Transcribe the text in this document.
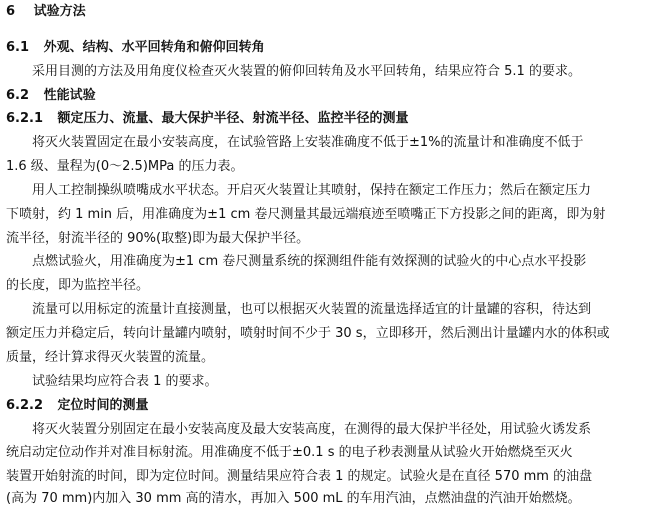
6 试验方法
6.1 外观、结构、水平回转角和俯仰回转角
采用目测的方法及用角度仪检查灭火装置的俯仰回转角及水平回转角，结果应符合 5.1 的要求。
6.2 性能试验
6.2.1 额定压力、流量、最大保护半径、射流半径、监控半径的测量
将灭火装置固定在最小安装高度，在试验管路上安装准确度不低于±1%的流量计和准确度不低于
1.6 级、量程为(0～2.5)MPa 的压力表。
用人工控制操纵喷嘴成水平状态。开启灭火装置让其喷射，保持在额定工作压力；然后在额定压力
下喷射，约 1 min 后，用准确度为±1 cm 卷尺测量其最远端痕迹至喷嘴正下方投影之间的距离，即为射
流半径，射流半径的 90%(取整)即为最大保护半径。
点燃试验火，用准确度为±1 cm 卷尺测量系统的探测组件能有效探测的试验火的中心点水平投影
的长度，即为监控半径。
流量可以用标定的流量计直接测量，也可以根据灭火装置的流量选择适宜的计量罐的容积，待达到
额定压力并稳定后，转向计量罐内喷射，喷射时间不少于 30 s，立即移开，然后测出计量罐内水的体积或
质量，经计算求得灭火装置的流量。
试验结果均应符合表 1 的要求。
6.2.2 定位时间的测量
将灭火装置分别固定在最小安装高度及最大安装高度，在测得的最大保护半径处，用试验火诱发系
统启动定位动作并对准目标射流。用准确度不低于±0.1 s 的电子秒表测量从试验火开始燃烧至灭火
装置开始射流的时间，即为定位时间。测量结果应符合表 1 的规定。试验火是在直径 570 mm 的油盘
(高为 70 mm)内加入 30 mm 高的清水，再加入 500 mL 的车用汽油，点燃油盘的汽油开始燃烧。
